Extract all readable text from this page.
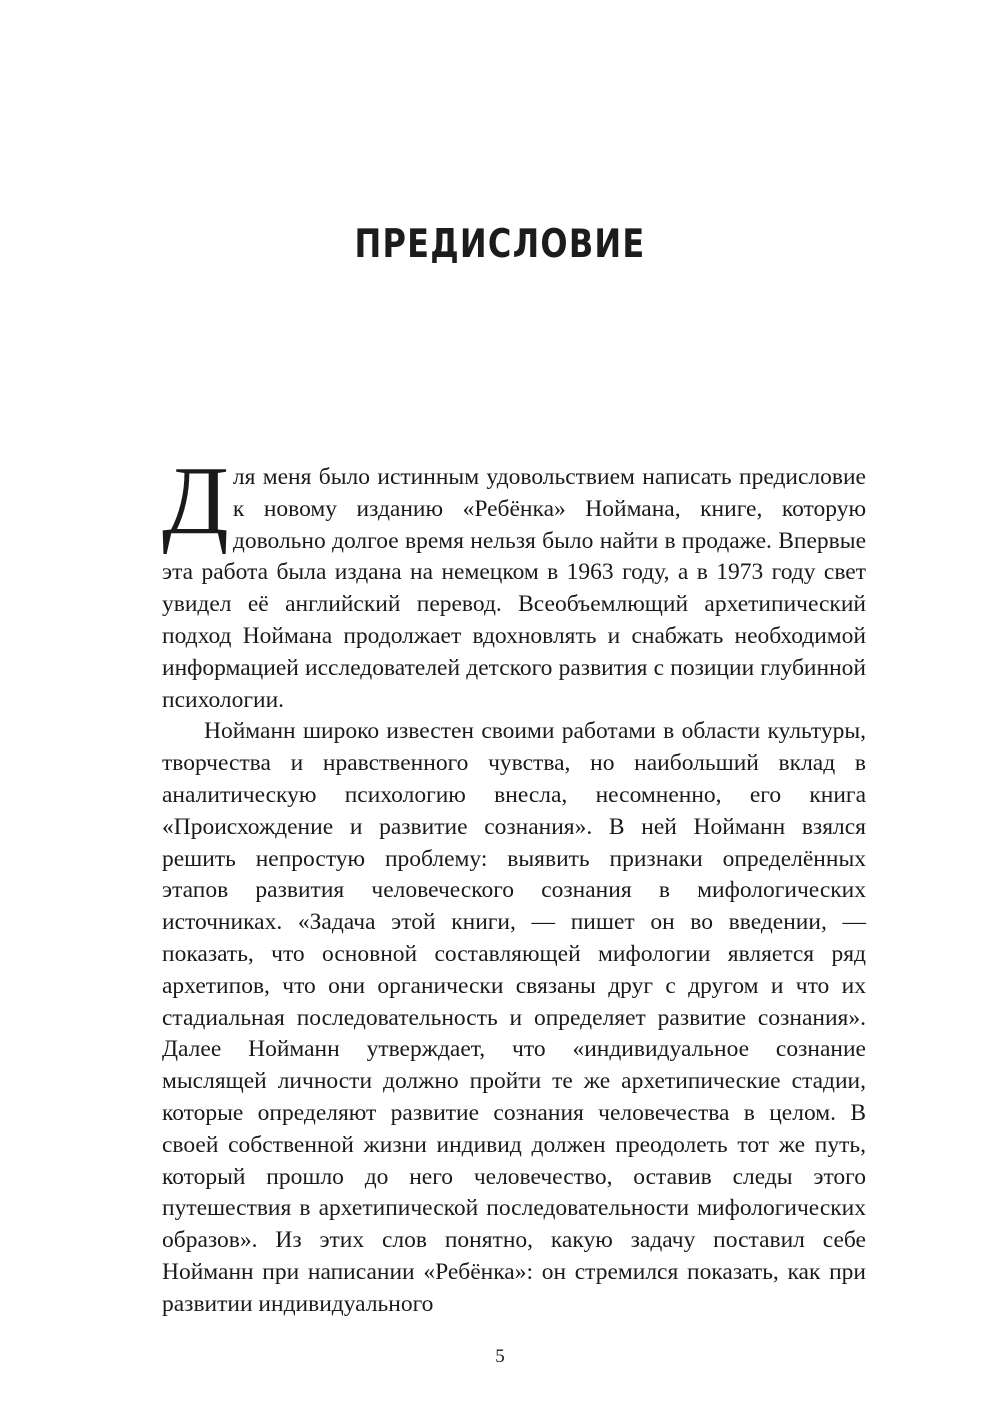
ПРЕДИСЛОВИЕ

Для меня было истинным удовольствием написать предисловие к новому изданию «Ребёнка» Ноймана, книге, которую довольно долгое время нельзя было найти в продаже. Впервые эта работа была издана на немецком в 1963 году, а в 1973 году свет увидел её английский перевод. Всеобъемлющий архетипический подход Ноймана продолжает вдохновлять и снабжать необходимой информацией исследователей детского развития с позиции глубинной психологии.

Нойманн широко известен своими работами в области культуры, творчества и нравственного чувства, но наибольший вклад в аналитическую психологию внесла, несомненно, его книга «Происхождение и развитие сознания». В ней Нойманн взялся решить непростую проблему: выявить признаки определённых этапов развития человеческого сознания в мифологических источниках. «Задача этой книги, — пишет он во введении, — показать, что основной составляющей мифологии является ряд архетипов, что они органически связаны друг с другом и что их стадиальная последовательность и определяет развитие сознания». Далее Нойманн утверждает, что «индивидуальное сознание мыслящей личности должно пройти те же архетипические стадии, которые определяют развитие сознания человечества в целом. В своей собственной жизни индивид должен преодолеть тот же путь, который прошло до него человечество, оставив следы этого путешествия в архетипической последовательности мифологических образов». Из этих слов понятно, какую задачу поставил себе Нойманн при написании «Ребёнка»: он стремился показать, как при развитии индивидуального

5
